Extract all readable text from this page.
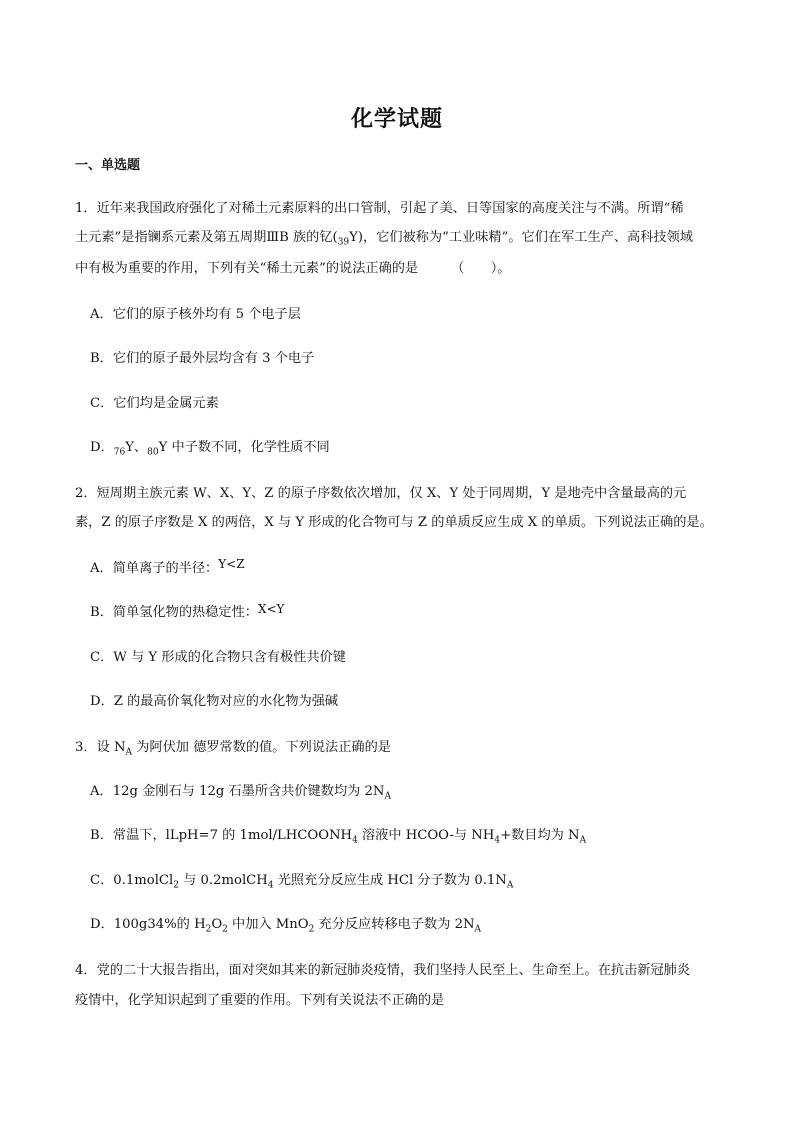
化学试题
一、单选题
1．近年来我国政府强化了对稀土元素原料的出口管制，引起了美、日等国家的高度关注与不满。所谓“稀
土元素”是指镧系元素及第五周期ⅢB 族的钇$(_{39}Y)$，它们被称为“工业味精”。它们在军工生产、高科技领域
中有极为重要的作用，下列有关“稀土元素”的说法正确的是　　　（　　）。
A．它们的原子核外均有 5 个电子层
B．它们的原子最外层均含有 3 个电子
C．它们均是金属元素
D．$_{76}$Y、$_{80}$Y 中子数不同，化学性质不同
2．短周期主族元素 W、X、Y、Z 的原子序数依次增加，仅 X、Y 处于同周期，Y 是地壳中含量最高的元
素，Z 的原子序数是 X 的两倍，X 与 Y 形成的化合物可与 Z 的单质反应生成 X 的单质。下列说法正确的是。
A．简单离子的半径：Y<Z
B．简单氢化物的热稳定性：X<Y
C．W 与 Y 形成的化合物只含有极性共价键
D．Z 的最高价氧化物对应的水化物为强碱
3．设 $N_A$ 为阿伏加 德罗常数的值。下列说法正确的是
A．12g 金刚石与 12g 石墨所含共价键数均为 $2N_A$
B．常温下，lLpH=7 的 $1mol/LHCOONH_4$ 溶液中 HCOO-与 $NH_4+$数目均为 $N_A$
C．0.1molCl$_2$ 与 0.2molCH$_4$ 光照充分反应生成 HCl 分子数为 $0.1N_A$
D．100g34%的 $H_2O_2$ 中加入 MnO$_2$ 充分反应转移电子数为 $2N_A$
4．党的二十大报告指出，面对突如其来的新冠肺炎疫情，我们坚持人民至上、生命至上。在抗击新冠肺炎
疫情中，化学知识起到了重要的作用。下列有关说法不正确的是
